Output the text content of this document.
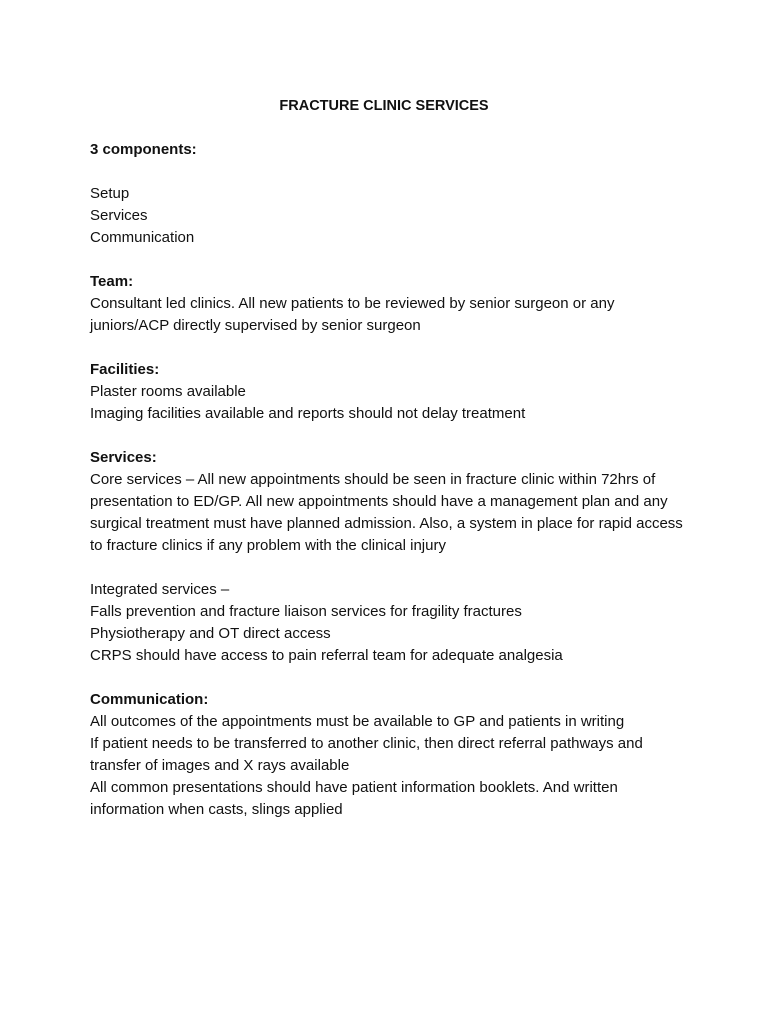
FRACTURE CLINIC SERVICES

3 components:

Setup

Services

Communication

Team:

Consultant led clinics. All new patients to be reviewed by senior surgeon or any juniors/ACP directly supervised by senior surgeon

Facilities:

Plaster rooms available

Imaging facilities available and reports should not delay treatment

Services:

Core services – All new appointments should be seen in fracture clinic within 72hrs of presentation to ED/GP. All new appointments should have a management plan and any surgical treatment must have planned admission. Also, a system in place for rapid access to fracture clinics if any problem with the clinical injury

Integrated services –

Falls prevention and fracture liaison services for fragility fractures

Physiotherapy and OT direct access

CRPS should have access to pain referral team for adequate analgesia

Communication:

All outcomes of the appointments must be available to GP and patients in writing

If patient needs to be transferred to another clinic, then direct referral pathways and transfer of images and X rays available

All common presentations should have patient information booklets. And written information when casts, slings applied
